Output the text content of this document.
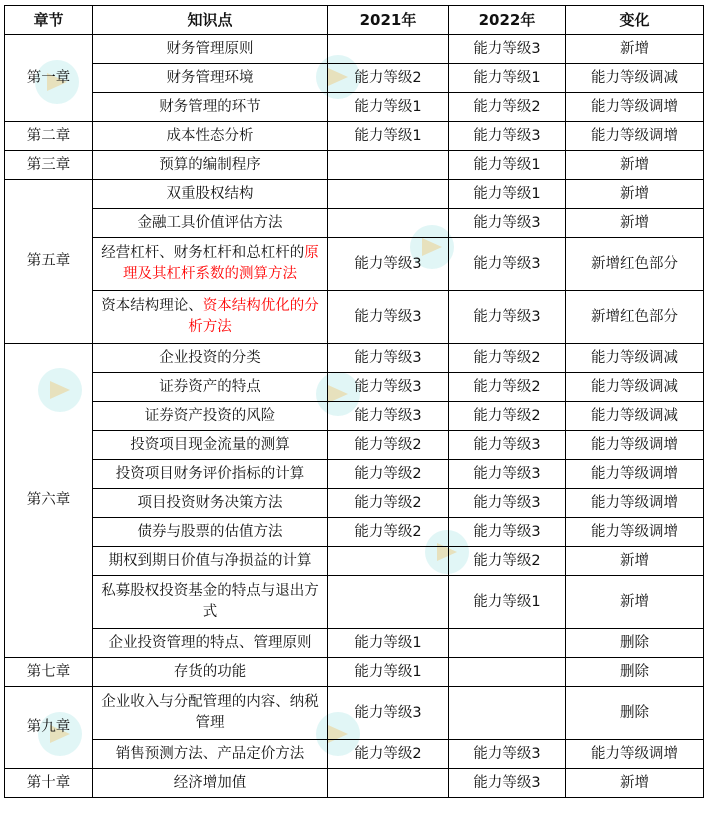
章节	知识点	2021年	2022年	变化
第一章	财务管理原则		能力等级3	新增
	财务管理环境	能力等级2	能力等级1	能力等级调减
	财务管理的环节	能力等级1	能力等级2	能力等级调增
第二章	成本性态分析	能力等级1	能力等级3	能力等级调增
第三章	预算的编制程序		能力等级1	新增
第五章	双重股权结构		能力等级1	新增
	金融工具价值评估方法		能力等级3	新增
	经营杠杆、财务杠杆和总杠杆的原理及其杠杆系数的测算方法	能力等级3	能力等级3	新增红色部分
	资本结构理论、资本结构优化的分析方法	能力等级3	能力等级3	新增红色部分
第六章	企业投资的分类	能力等级3	能力等级2	能力等级调减
	证券资产的特点	能力等级3	能力等级2	能力等级调减
	证券资产投资的风险	能力等级3	能力等级2	能力等级调减
	投资项目现金流量的测算	能力等级2	能力等级3	能力等级调增
	投资项目财务评价指标的计算	能力等级2	能力等级3	能力等级调增
	项目投资财务决策方法	能力等级2	能力等级3	能力等级调增
	债券与股票的估值方法	能力等级2	能力等级3	能力等级调增
	期权到期日价值与净损益的计算		能力等级2	新增
	私募股权投资基金的特点与退出方式		能力等级1	新增
	企业投资管理的特点、管理原则	能力等级1		删除
第七章	存货的功能	能力等级1		删除
第九章	企业收入与分配管理的内容、纳税管理	能力等级3		删除
	销售预测方法、产品定价方法	能力等级2	能力等级3	能力等级调增
第十章	经济增加值		能力等级3	新增
